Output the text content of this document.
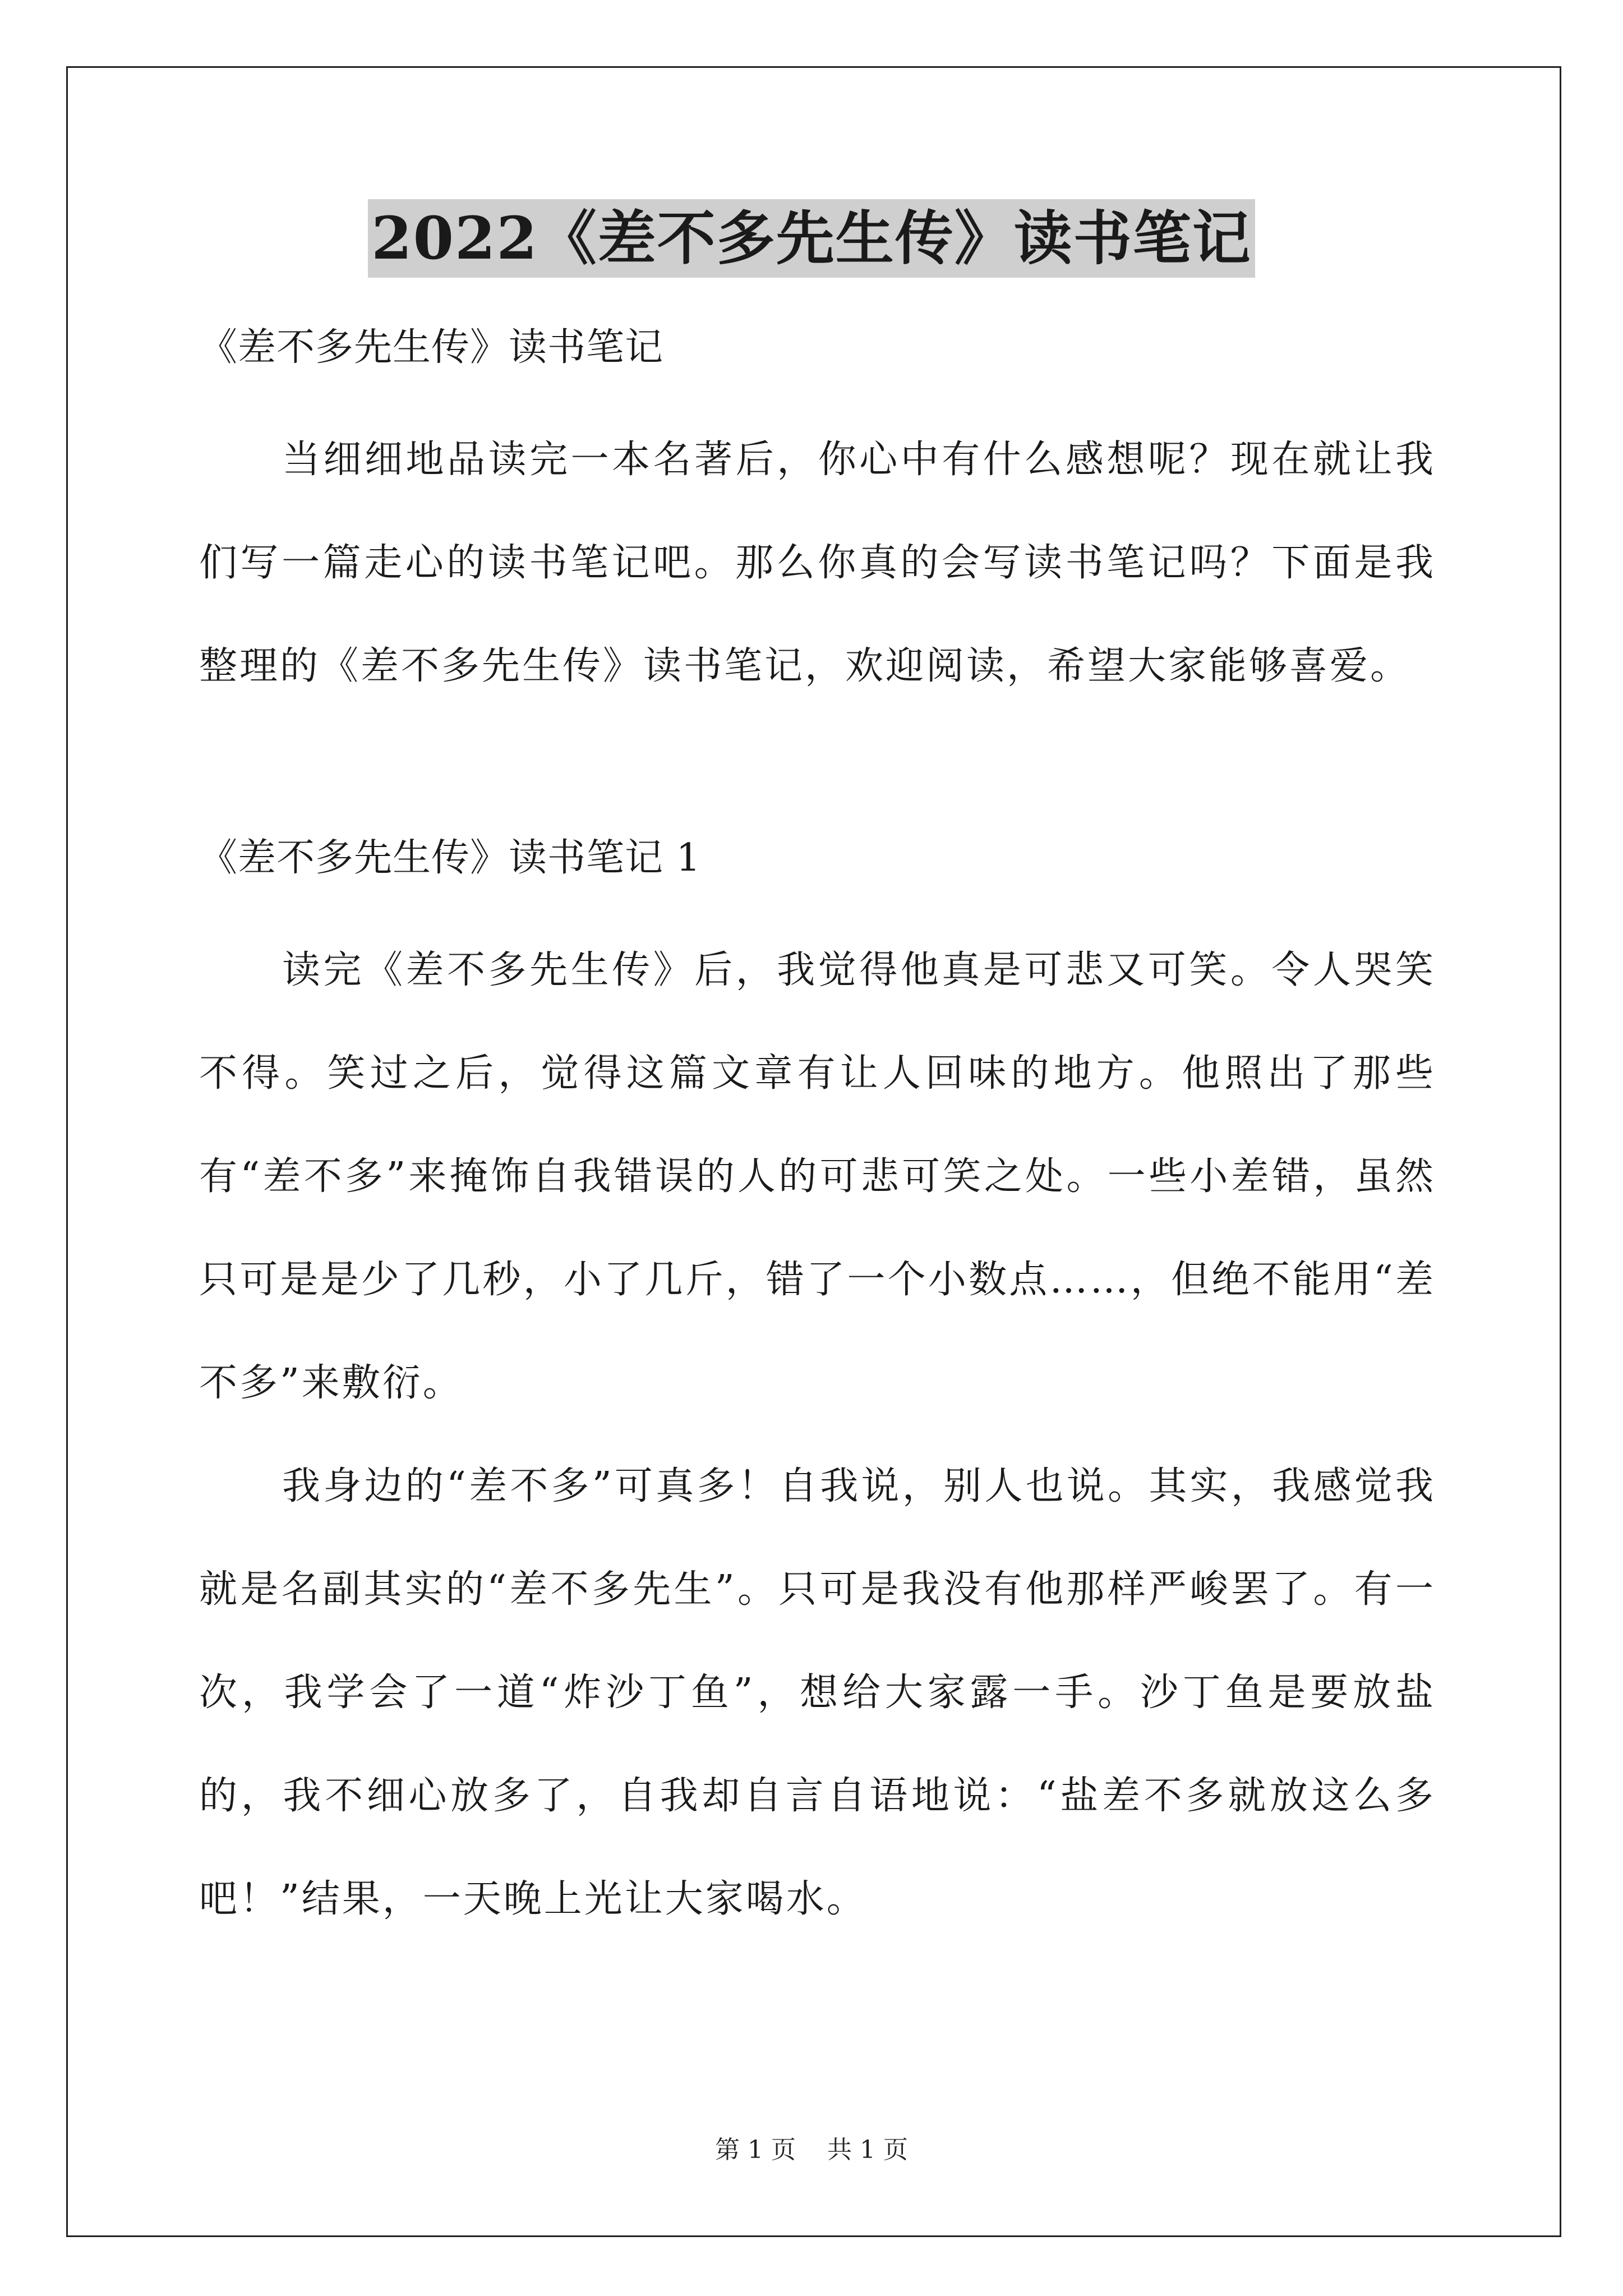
2022《差不多先生传》读书笔记

《差不多先生传》读书笔记

当细细地品读完一本名著后，你心中有什么感想呢？现在就让我们写一篇走心的读书笔记吧。那么你真的会写读书笔记吗？下面是我整理的《差不多先生传》读书笔记，欢迎阅读，希望大家能够喜爱。

《差不多先生传》读书笔记 1

读完《差不多先生传》后，我觉得他真是可悲又可笑。令人哭笑不得。笑过之后，觉得这篇文章有让人回味的地方。他照出了那些有“差不多”来掩饰自我错误的人的可悲可笑之处。一些小差错，虽然只可是是少了几秒，小了几斤，错了一个小数点……，但绝不能用“差不多”来敷衍。

我身边的“差不多”可真多！自我说，别人也说。其实，我感觉我就是名副其实的“差不多先生”。只可是我没有他那样严峻罢了。有一次，我学会了一道“炸沙丁鱼”，想给大家露一手。沙丁鱼是要放盐的，我不细心放多了，自我却自言自语地说：“盐差不多就放这么多吧！”结果，一天晚上光让大家喝水。

第 1 页 共 1 页
